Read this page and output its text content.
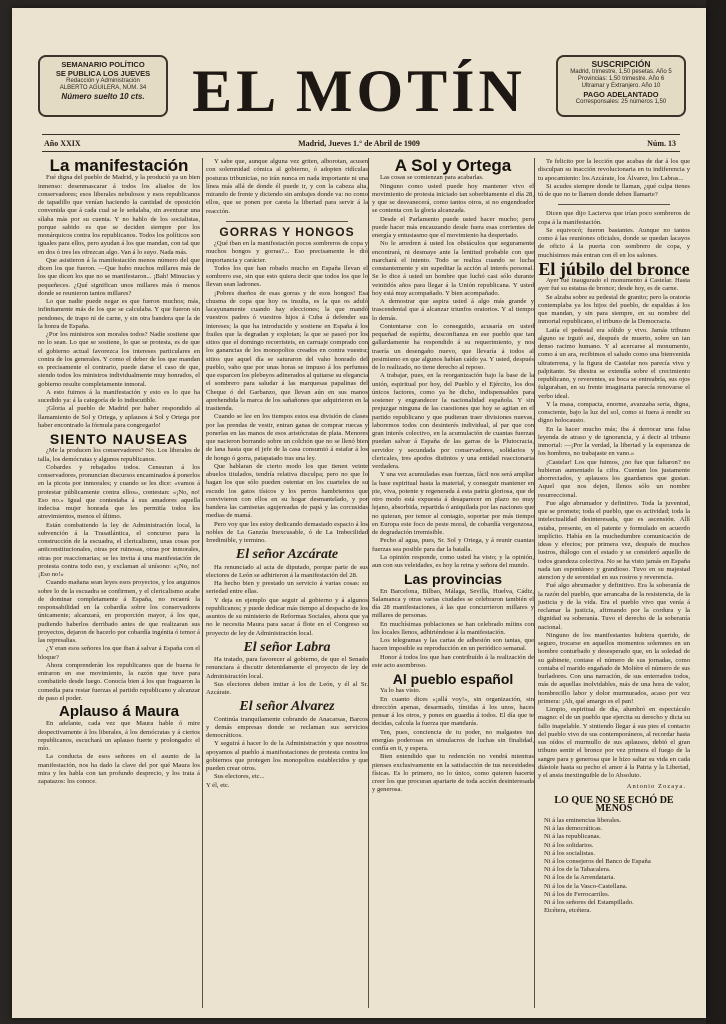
SEMANARIO POLÍTICO
SE PUBLICA LOS JUEVES
Redacción y Administración
ALBERTO AGUILERA, NÚM. 34
Número suelto 10 cts. EL MOTÍN	SUSCRIPCIÓN
Madrid, trimestre, 1,50 pesetas. Año 5
Provincias: 1,50 trimestre. Año 6
Ultramar y Extranjero. Año 10
PAGO ADELANTADO
Corresponsales: 25 números 1,50
Año XXIX	Madrid, Jueves 1.° de Abril de 1909	Núm. 13
La manifestación

Fué digna del pueblo de Madrid, y la produció ya un bien inmenso: desenmascarar á todos los aliados de los conservadores; esos liberales nebulosos y esos republicanos de tapadillo que venían haciendo la cantidad de oposición convenida que á cada cual se le señalaba, sin aventurar una sílaba más por su cuenta. Y no hablo de los socialistas, porque sabido es que se deciden siempre por los monárquicos contra los republicanos. Todos los políticos son iguales para ellos, pero ayudan á los que mandan, con tal que en dos ó tres les ofrezcan algo. Van á lo suyo. Nada más.

Que asistieron á la manifestación menos número del que dicen los que fueron. —Que hubo muchos millares más de los que dicen los que no se manifestaron... ¡Bah! Minucias y pequeñeces. ¿Qué significan unos millares más ó menos donde se reunieron tantos millares?

Lo que nadie puede negar es que fueron muchos; más, infinitamente más de los que se calculaba. Y que fueron sin pendones, de trapo ni de carne, y sin otra bandera que la de la honra de España.

¿Por los ministros son morales todos? Nadie sostiene que no lo sean. Lo que se sostiene, lo que se protesta, es de que el gobierno actual favorezca los intereses particulares en contra de los generales. Y como el deber de los que mandan es precisamente el contrario, puede darse el caso de que, siendo todos los ministros individualmente muy honrados, el gobierno resulte completamente inmoral.

A esto fuimos á la manifestación y esto es lo que ha sucedido ya: á la categoría de lo indiscutible.

¡Gloria al pueblo de Madrid por haber respondido al llamamiento de Sol y Ortega, y aplausos á Sol y Ortega por haber encontrado la fórmula para congregarlo!

SIENTO NAUSEAS

¿Me la producen los conservadores? No. Los liberales de talla, los demócratas y algunos republicanos.

Cobardes y rebajados todos. Censuran á los conservadores, pronuncian discursos encaminados á ponerlos en la picota por inmorales; y cuando se les dice: «vamos á protestar públicamente contra ellos», contestan: «¡No, no! Eso no.» Igual que contestaba á sus amadores aquella indecisa mujer honrada que les permitía todos los atrevimientos, menos el último.

Están combatiendo la ley de Administración local, la subvención á la Trasatlántica, el concurso para la construcción de la escuadra, el clericalismo, unas cosas por anticonstitucionales, otras por ruinosas, otras por inmorales, otras por reaccionarias; se les invita á una manifestación de protesta contra todo eso, y exclaman al unísono: «¡No, no! ¡Eso no!»

Cuando mañana sean leyes esos proyectos, y los anguinos sobre lo de la escuadra se confirmen, y el clericalismo acabe de dominar completamente á España, no recaerá la responsabilidad en la cobardía sobre los conservadores únicamente; alcanzará, en proporción mayor, á los que, pudiendo haberlos derribado antes de que realizaran sus proyectos, dejaron de hacerlo por cobardía ingénita ó temor á las represalias.

¿Y eran esos señores los que iban á salvar á España con el bloque?

Ahora comprenderán los republicanos que de buena fe entraron en ese movimiento, la razón que tuve para combatirlo desde luego. Conocía bien á los que fraguaron la comedia para restar fuerzas al partido republicano y alcanzar de paso el poder.

Aplauso á Maura

En adelante, cada vez que Maura hable ó mire despectivamente á los liberales, á los demócratas y á ciertos republicanos, escuchará un aplauso fuerte y prolongado: el mío.

La conducta de esos señores en el asunto de la manifestación, nos ha dado la clave del por qué Maura los mira y les habla con tan profundo desprecio, y los trata á zapatazos: los conoce.

Y sabe que, aunque alguna vez griten, alborotan, acusen con solemnidad cómica al gobierno, ó adopten ridículas posturas tribunicias, no irán nunca en nada importante ni una línea más allá de donde él puede ir, y con la cabeza alta, mirando de frente y diciendo sin ambajes donde va: no como ellos, que se ponen por careta la libertad para servir á la reacción.

GORRAS Y HONGOS

¿Qué iban en la manifestación pocos sombreros de copa y muchos hongos y gorras?... Eso precisamente le dió importancia y carácter.

Todos los que han robado mucho en España llevan el sombrero ese, sin que esto quiera decir que todos los que lo llevan sean ladrones.

¡Pobres dueños de esas gorras y de esos hongos! Esa chusma de copa que hoy os insulta, es la que os aduló lacayunamente cuando hay elecciones; la que mandó vuestros padres ó vuestros hijos á Cuba á defender sus intereses; la que ha introducido y sostiene en España á los frailes que la degradan y explotan; la que se paseó por los sitios que el domingo recorristeis, en carruaje comprado con los ganancias de los monopolios creados en contra vuestra; sitios que aquel día se saturaron del vaho honrado del pueblo, vaho que por unas horas se impuso á los perfumes que esparcen los plebeyos adinerados al quitarse su elegancia el sombrero para saludar á las marquesas papalinas del Cheque ó del Garbanzo, que llevan aún en sus manos aprehendida la marca de los sañañones que adquirieron en la trastienda.

Cuando se lee en los tiempos estos esa división de clases por las prendas de vestir, entran ganas de comprar ruecas y ponerlas en las manos de esos aristócratas de plata. Menores que nacieron borrando sobre un colchón que no se llenó bien de lana hasta que el jefe de la casa consumió á estafar á los de hongo ó gorra, patapatado tras una ley.

Que hablaran de cierto modo los que tienen veinte abuelos titulados, tendría relativa disculpa; pero no que lo hagan los que sólo pueden ostentar en los cuarteles de su escudo los gatos tísicos y los perros hambrientos que convivieron con ellos en su hogar desmantelado, y por bandera las camisetas agujereadas de papá y las corcusidas medias de mamá.

Pero voy que les estoy dedicando demasiado espacio á los nobles de La Ganzúa Inexcusable, ó de La Imbecilidad Irredimible, y termino.

El señor Azcárate

Ha renunciado al acta de diputado, porque parte de sus electores de León se adhirieron á la manifestación del 28.

Ha hecho bien y prestado un servicio á varias cosas: su seriedad entre ellas.

Y deja en ejemplo que seguir al gobierno y á algunos republicanos; y puede dedicar más tiempo al despacho de los asuntos de su ministerio de Reformas Sociales, ahora que ya no le necesita Maura para sacar á flote en el Congreso su proyecto de ley de Administración local.

El señor Labra

Ha tratado, para favorecer al gobierno, de que el Senado renunciara á discutir detenidamente el proyecto de ley de Administración local.

Sus electores deben imitar á los de León, y él al Sr. Azcárate.

El señor Alvarez

Continúa tranquilamente cobrando de Anacarsas, Barcos y demás empresas donde se reclaman sus servicios democráticos.

Y seguirá á hacer lo de la Administración y que nosotros apoyamos al pueblo á manifestaciones de protesta contra los gobiernos que protegen los monopolios establecidos y que pueden crear otros.

Sus electores, etc...
Y él, etc.

A Sol y Ortega

Las cosas se comienzan para acabarlas.

Ninguno como usted puede hoy mantener vivo el movimiento de protesta iniciado tan soberbiamente el día 28, y que se desvanecerá, como tantos otros, si no engendrador se contenta con la gloria alcanzada.

Desde el Parlamento puede usted hacer mucho; pero puede hacer más encauzando desde fuera esas corrientes de energía y entusiasmo que el movimiento ha despertado.

No le arredren á usted los obstáculos que seguramente encontrará, ni desmaye ante la lentitud probable con que marchará el intento. Todo se realiza cuando se lucha constantemente y sin supeditar la acción al interés personal. Se lo dice á usted un hombre que luchó casi sólo durante veintidós años para llegar á la Unión republicana. Y usted hoy está muy acompañado. Y bien acompañado.

A demostrar que aspira usted á algo más grande y trascendental que á alcanzar triunfos oratorios. Y al tiempo lo demás.

Contentarse con lo conseguido, acusaría en usted pequeñad de espíritu, desconfianza en ese pueblo que tan gallardamente ha respondido á su requerimiento, y nos traería un desengaño nuevo, que llevaría á todos al pesimismo en que algunos habían caído ya. Y usted, después de lo realizado, no tiene derecho al reposo.

A trabajar, pues, en la reorganización bajo la base de la unión, espiritual por hoy, del Pueblo y el Ejército, los dos únicos factores, como ya he dicho, indispensables para sostener y engrandecer la nacionalidad española. Y sin prejuzgar ninguna de las cuestiones que hoy se agitan en el partido republicano y que pudieran traer divisiones nuevas, laboremos todos con desinterés individual, al par que con gran interés colectivo, en la acumulación de cuantas fuerzas puedan salvar á España de las garras de la Plutocracia, servidor y secundada por conservadores, solidarios y clericales, tres apodos distintos y una entidad reaccionaria verdadera.

Y una vez acumuladas esas fuerzas, fácil nos será ampliar la base espiritual hasta la material, y conseguir mantener en pie, viva, potente y regenerada á esta patria gloriosa, que de otro modo está expuesta á desaparecer en plazo no muy lejano, absorbida, repartida ó aniquilada por las naciones que no quieran, por temor al contagio, soportar por más tiempo en Europa este foco de peste moral, de cobardía vergonzosa, de degradación irremisible.

Pecho al agua, pues, Sr. Sol y Ortega, y á reunir cuantas fuerzas sea posible para dar la batalla.

La opinión responde, como usted ha visto; y la opinión, aun con sus veleidades, es hoy la reina y señora del mundo.

Las provincias

En Barcelona, Bilbao, Málaga, Sevilla, Huelva, Cádiz, Salamanca y otras varias ciudades se celebraron también el día 28 manifestaciones, á las que concurrieron millares y millares de personas.

En muchísimas poblaciones se han celebrado mítins con los locales llenos, adhiriéndose á la manifestación.

Los telegramas y las cartas de adhesión son tantas, que hacen imposible su reproducción en un periódico semanal.

Honor á todos los que han contribuído á la realización de este acto asombroso.

Al pueblo español

Ya lo has visto.

En cuanto dices «¡allá voy!», sin organización, sin dirección apenas, desarmado, tímidas á los unos, haces pensar á los otros, y pones en guardia á todos. El día que te decidas, calcula la fuerza que mandarás.

Ten, pues, conciencia de tu poder, no malgastes tus energías poderosas en simulacros de luchas sin finalidad, confía en ti, y espera.

Bien entendido que tu redención no vendrá mientras pienses exclusivamente en la satisfacción de tus necesidades físicas. Es lo primero, no lo único, como quieren hacerte creer los que procuran apartarte de toda acción desinteresada y generosa.

Te felicito por la lección que acabas de dar á los que disculpan su inacción revolucionaria en tu indiferencia y tu apocamiento: los Azcárate, los Álvarez, los Labras...

Si acudes siempre donde te llaman, ¿qué culpa tienes tú de que no te llamen donde deben llamarte?

Dicen que dijo Lacierva que irían poco sombreros de copa á la manifestación.

Se equivocó; fueron bastantes. Aunque no tantos como á las reuniones oficiales, donde se quedan lacayos de oficio á la puerta con sombrero de copa, y muchísimos más entran con él en los salones.

El júbilo del bronce

Ayer fué inaugurado el monumento á Castelar. Hasta ayer fué su estatua de bronce; desde hoy, es de carne.

Se alzaba sobre su pedestal de granito; pero la oratoria contemplaba ya los hijos del pueblo, de espaldas á los que mandan, y sin para siempre, en su nombre del inmortal republicano, el tribuno de la Democracia.

Latía el pedestal era sólido y vivo. Jamás tribuno alguno se irguió así, después de muerto, sobre un tan denso racimo humano. Y al acercarse al monumento, como á un ara, recibimos el saludo como una bienvenida ultraterrena, y la figura de Castelar nos parecía viva y palpitante. Su diestra se extendía sobre el crecimiento republicano, y reverentes, su boca se entreabría, sus ojos fulguraban, en su frente imaginaria parecía renovarse el verbo ideal.

Y la masa, compacta, enorme, avanzaba seria, digna, consciente, bajo la luz del sol, como si fuera á rendir su digno holocausto.

En la hacer mucho más; iba á derrocar una falsa leyenda de atraso y de ignorancia, y á decir al tribuno inmortal: —¡Por la verdad, la libertad y la esperanza de los hombres, no trabajaste en vano.»

¡Castelar! Los que fuimos, ¿no fue que faltaron? no hubieran aumentado la cifra. Cuentan los justamente aborreciados, y aplausos los guardamos que gustan. Aquel que nos dejen, llenos sólo un nombre resurreccional.

Fue algo abrumador y definitivo. Toda la juventud, que se promete; toda el pueblo, que es actividad; toda la intelectualidad desinteresada, que es ascensión. Allí estaba, presente, en el patente y formulado en acuerdo implícito. Había en la muchedumbre comunicación de ideas y efectos; por primera vez, después de muchos lustros, diálogo con el estado y se consideró aquello de todos grandeza colectiva. No se ha visto jamás en España nada tan espontáneo y grandioso. Tuvo en su majestad atencion y de serenidad en sus rostros y reverencia.

Fué algo abrumador y definitivo. Era la soberanía de la razón del pueblo, que arrancaba de la resistencia, de la justicia y de la vida. Era el pueblo vivo que venía á reclamar la justicia, afirmando por la cordura y la dignidad su soberanía. Tuvo el derecho de la soberanía nacional.

Ninguno de los manifestantes hubiera querido, de seguro, trocarse en aquellos momentos solemnes en un hombre conturbado y desesperado que, en la soledad de su gabinete, contase el número de sus jornadas, como contaba el marido engañado de Molière el número de sus burladores. Con una narración, de sus enterrados todos, más de aquellas inolvidables, más de una hora de valor, hombrecillo labor y dolor murmurados, acaso por vez primera: ¡Ah, qué amargo es el pan!

Limpio, espiritual de día, alumbró en espectáculo magno: el de un pueblo que ejercita su derecho y dicta su fallo inapelable. Y sintiendo llegar á sus pies el contacto del pueblo vivo de sus contemporáneos, al recordar hasta sus oídos el murmullo de sus aplausos, debió el gran tribuno sentir el bronce por vez primera el fuego de la sangre para y generosa que le hizo saltar su vida en cada diástole hasta su pecho el amor á la Patria y la Libertad, y el ansia inextinguible de lo Absoluto.

Antonio Zozaya.
LO QUE NO SE ECHÓ DE MENOS
Ni á las eminencias liberales.
Ni á las democráticas.
Ni á las republicanas.
Ni á los solidarios.
Ni á los socialistas.
Ni á los consejeros del Banco de España
Ni á los de la Tabacalera.
Ni á los de la Arrendataria.
Ni á los de la Vasco-Castellana.
Ni á los de Ferrocarriles.
Ni á los señores del Estampillado.
Etcétera, etcétera.
